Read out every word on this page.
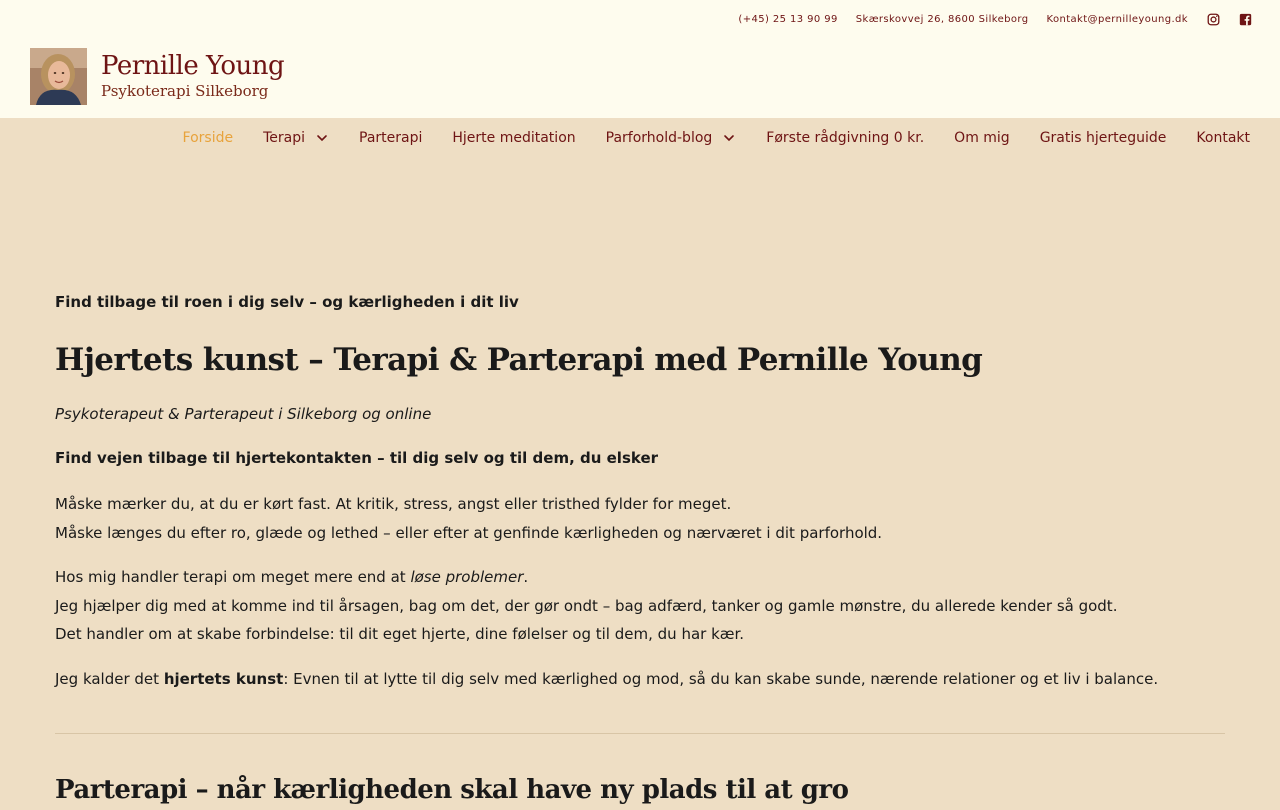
(+45) 25 13 90 99 Skærskovvej 26, 8600 Silkeborg Kontakt@pernilleyoung.dk
Pernille Young
Psykoterapi Silkeborg
Forside Terapi	Parterapi Hjerte meditation Parforhold-blog	Første rådgivning 0 kr. Om mig Gratis hjerteguide Kontakt

Find tilbage til roen i dig selv – og kærligheden i dit liv

Hjertets kunst – Terapi & Parterapi med Pernille Young

Psykoterapeut & Parterapeut i Silkeborg og online

Find vejen tilbage til hjertekontakten – til dig selv og til dem, du elsker

Måske mærker du, at du er kørt fast. At kritik, stress, angst eller tristhed fylder for meget.
Måske længes du efter ro, glæde og lethed – eller efter at genfinde kærligheden og nærværet i dit parforhold.
Hos mig handler terapi om meget mere end at løse problemer.
Jeg hjælper dig med at komme ind til årsagen, bag om det, der gør ondt – bag adfærd, tanker og gamle mønstre, du allerede kender så godt.
Det handler om at skabe forbindelse: til dit eget hjerte, dine følelser og til dem, du har kær.
Jeg kalder det hjertets kunst: Evnen til at lytte til dig selv med kærlighed og mod, så du kan skabe sunde, nærende relationer og et liv i balance.
Parterapi – når kærligheden skal have ny plads til at gro
